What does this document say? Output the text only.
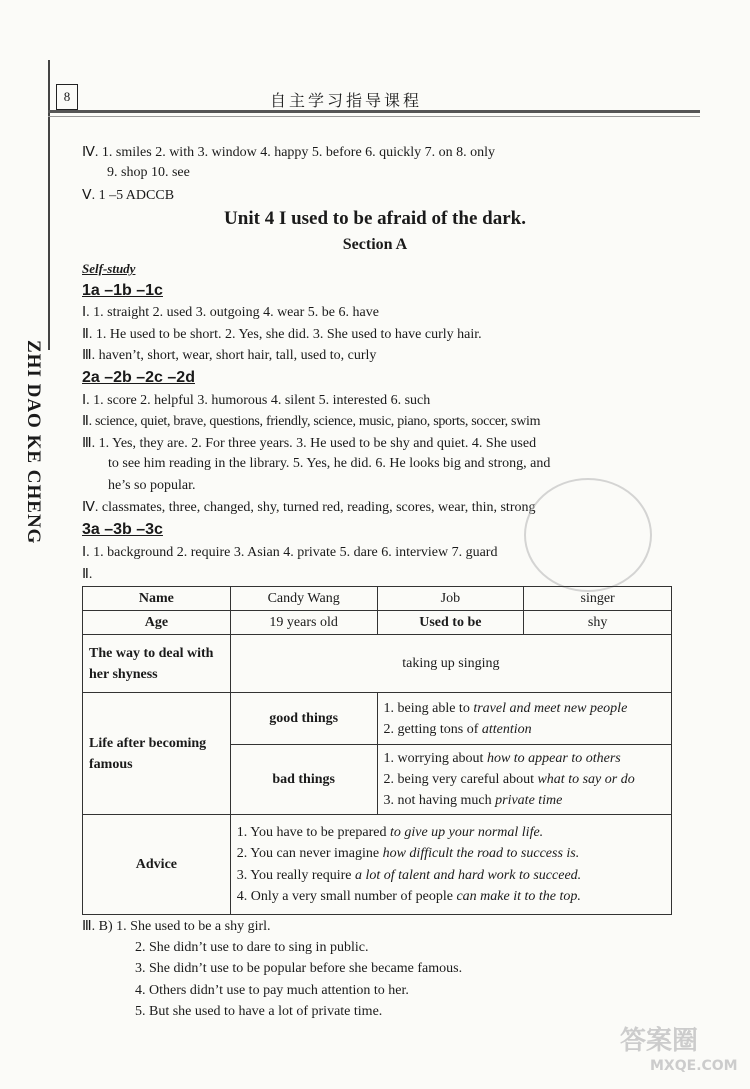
8	自主学习指导课程
ZHI DAO KE CHENG
Ⅳ. 1. smiles 2. with 3. window 4. happy 5. before 6. quickly 7. on 8. only
9. shop 10. see
Ⅴ. 1 –5 ADCCB
Unit 4 I used to be afraid of the dark.
Section A
Self-study
1a –1b –1c
Ⅰ. 1. straight 2. used 3. outgoing 4. wear 5. be 6. have
Ⅱ. 1. He used to be short. 2. Yes, she did. 3. She used to have curly hair.
Ⅲ. haven’t, short, wear, short hair, tall, used to, curly
2a –2b –2c –2d
Ⅰ. 1. score 2. helpful 3. humorous 4. silent 5. interested 6. such
Ⅱ. science, quiet, brave, questions, friendly, science, music, piano, sports, soccer, swim
Ⅲ. 1. Yes, they are. 2. For three years. 3. He used to be shy and quiet. 4. She used
to see him reading in the library. 5. Yes, he did. 6. He looks big and strong, and
he’s so popular.
Ⅳ. classmates, three, changed, shy, turned red, reading, scores, wear, thin, strong
3a –3b –3c
Ⅰ. 1. background 2. require 3. Asian 4. private 5. dare 6. interview 7. guard
Ⅱ.
Name	Candy Wang	Job	singer
Age	19 years old	Used to be	shy
The way to deal with her shyness	taking up singing		
Life after becoming famous	good things	1. being able to travel and meet new people
2. getting tons of attention	

	bad things	1. worrying about how to appear to others
2. being very careful about what to say or do
3. not having much private time	

Advice	1. You have to be prepared to give up your normal life.
2. You can never imagine how difficult the road to success is.
3. You really require a lot of talent and hard work to succeed.
4. Only a very small number of people can make it to the top.		
Ⅲ. B) 1. She used to be a shy girl.
2. She didn’t use to dare to sing in public.
3. She didn’t use to be popular before she became famous.
4. Others didn’t use to pay much attention to her.
5. But she used to have a lot of private time.
答案圈
MXQE.COM
